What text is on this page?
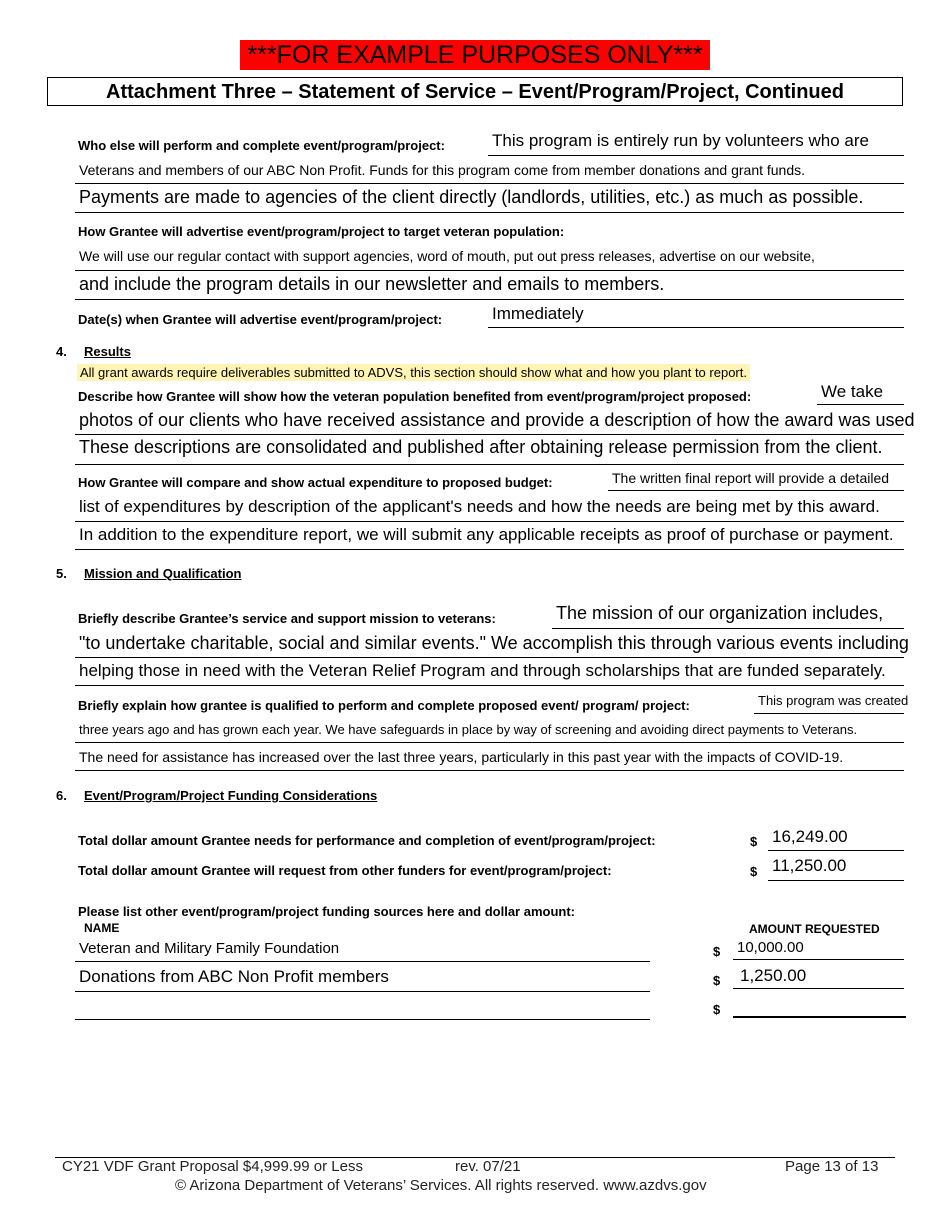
***FOR EXAMPLE PURPOSES ONLY***
Attachment Three – Statement of Service – Event/Program/Project, Continued
Who else will perform and complete event/program/project:	This program is entirely run by volunteers who are
Veterans and members of our ABC Non Profit. Funds for this program come from member donations and grant funds.
Payments are made to agencies of the client directly (landlords, utilities, etc.) as much as possible.
How Grantee will advertise event/program/project to target veteran population:
We will use our regular contact with support agencies, word of mouth, put out press releases, advertise on our website,
and include the program details in our newsletter and emails to members.
Date(s) when Grantee will advertise event/program/project:	Immediately
4. Results
All grant awards require deliverables submitted to ADVS, this section should show what and how you plant to report.
Describe how Grantee will show how the veteran population benefited from event/program/project proposed:	We take
photos of our clients who have received assistance and provide a description of how the award was used
These descriptions are consolidated and published after obtaining release permission from the client.
How Grantee will compare and show actual expenditure to proposed budget:	The written final report will provide a detailed
list of expenditures by description of the applicant's needs and how the needs are being met by this award.
In addition to the expenditure report, we will submit any applicable receipts as proof of purchase or payment.
5. Mission and Qualification
Briefly describe Grantee’s service and support mission to veterans:	The mission of our organization includes,
"to undertake charitable, social and similar events." We accomplish this through various events including
helping those in need with the Veteran Relief Program and through scholarships that are funded separately.
Briefly explain how grantee is qualified to perform and complete proposed event/ program/ project:	This program was created
three years ago and has grown each year. We have safeguards in place by way of screening and avoiding direct payments to Veterans.
The need for assistance has increased over the last three years, particularly in this past year with the impacts of COVID-19.
6. Event/Program/Project Funding Considerations
Total dollar amount Grantee needs for performance and completion of event/program/project:	$ 16,249.00
Total dollar amount Grantee will request from other funders for event/program/project:	$ 11,250.00
Please list other event/program/project funding sources here and dollar amount:
NAME	AMOUNT REQUESTED
Veteran and Military Family Foundation	$ 10,000.00
Donations from ABC Non Profit members	$ 1,250.00
$
CY21 VDF Grant Proposal $4,999.99 or Less	rev. 07/21	Page 13 of 13
© Arizona Department of Veterans’ Services. All rights reserved. www.azdvs.gov
